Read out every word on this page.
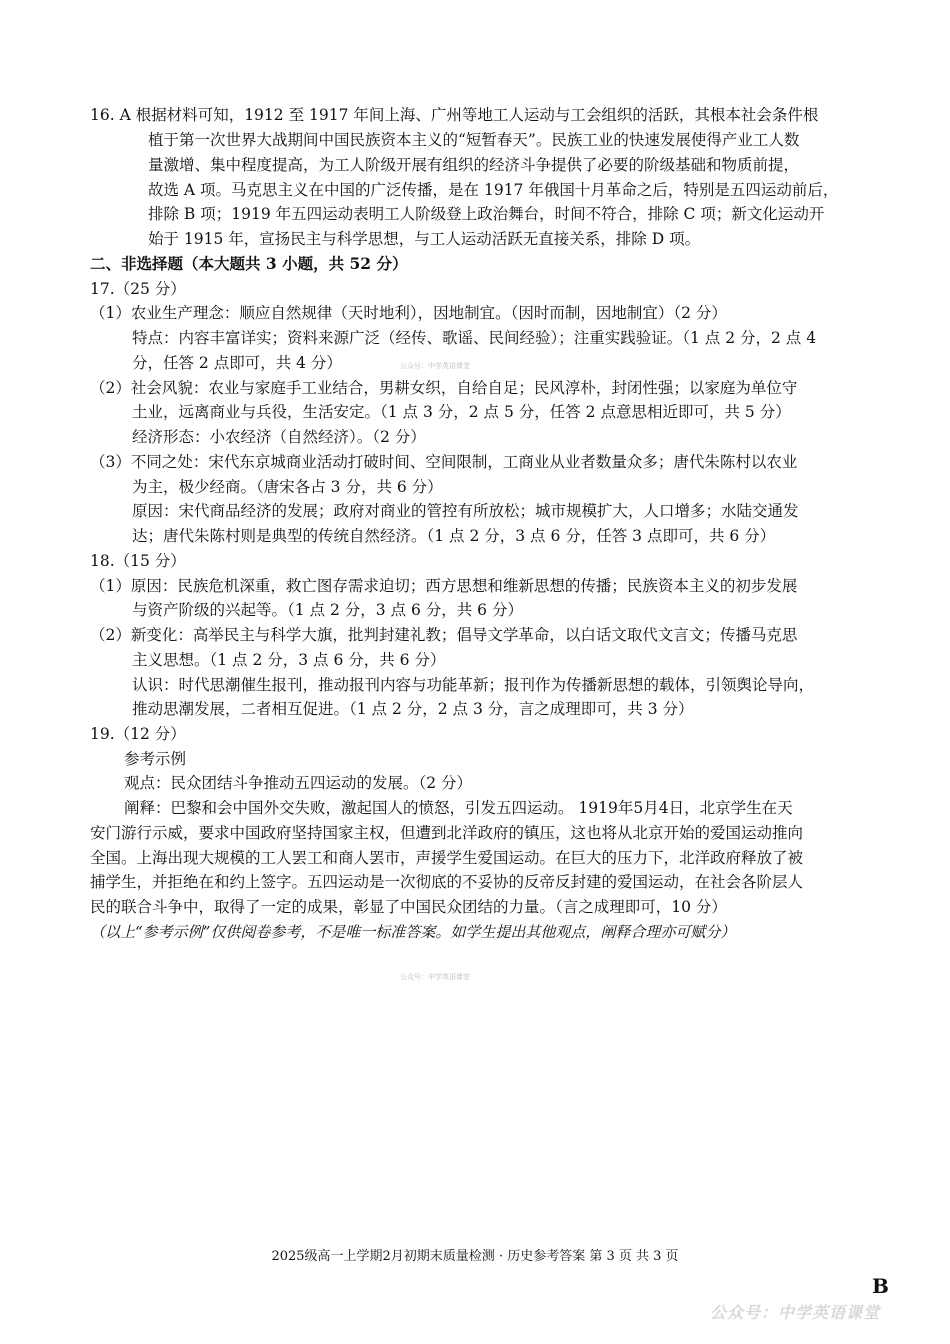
16. A 根据材料可知，1912 至 1917 年间上海、广州等地工人运动与工会组织的活跃，其根本社会条件根
植于第一次世界大战期间中国民族资本主义的“短暂春天”。民族工业的快速发展使得产业工人数
量激增、集中程度提高，为工人阶级开展有组织的经济斗争提供了必要的阶级基础和物质前提，
故选 A 项。马克思主义在中国的广泛传播，是在 1917 年俄国十月革命之后，特别是五四运动前后，
排除 B 项；1919 年五四运动表明工人阶级登上政治舞台，时间不符合，排除 C 项；新文化运动开
始于 1915 年，宣扬民主与科学思想，与工人运动活跃无直接关系，排除 D 项。
二、非选择题（本大题共 3 小题，共 52 分）
17.（25 分）
（1）农业生产理念：顺应自然规律（天时地利），因地制宜。（因时而制，因地制宜）（2 分）
特点：内容丰富详实；资料来源广泛（经传、歌谣、民间经验）；注重实践验证。（1 点 2 分，2 点 4
分，任答 2 点即可，共 4 分）	公众号：中学英语课堂
（2）社会风貌：农业与家庭手工业结合，男耕女织，自给自足；民风淳朴，封闭性强；以家庭为单位守
土业，远离商业与兵役，生活安定。（1 点 3 分，2 点 5 分，任答 2 点意思相近即可，共 5 分）
经济形态：小农经济（自然经济）。（2 分）
（3）不同之处：宋代东京城商业活动打破时间、空间限制，工商业从业者数量众多；唐代朱陈村以农业
为主，极少经商。（唐宋各占 3 分，共 6 分）
原因：宋代商品经济的发展；政府对商业的管控有所放松；城市规模扩大，人口增多；水陆交通发
达；唐代朱陈村则是典型的传统自然经济。（1 点 2 分，3 点 6 分，任答 3 点即可，共 6 分）
18.（15 分）
（1）原因：民族危机深重，救亡图存需求迫切；西方思想和维新思想的传播；民族资本主义的初步发展
与资产阶级的兴起等。（1 点 2 分，3 点 6 分，共 6 分）
（2）新变化：高举民主与科学大旗，批判封建礼教；倡导文学革命，以白话文取代文言文；传播马克思
主义思想。（1 点 2 分，3 点 6 分，共 6 分）
认识：时代思潮催生报刊，推动报刊内容与功能革新；报刊作为传播新思想的载体，引领舆论导向，
推动思潮发展，二者相互促进。（1 点 2 分，2 点 3 分，言之成理即可，共 3 分）
19.（12 分）
参考示例
观点：民众团结斗争推动五四运动的发展。（2 分）
阐释：巴黎和会中国外交失败，激起国人的愤怒，引发五四运动。 1919年5月4日，北京学生在天
安门游行示威，要求中国政府坚持国家主权，但遭到北洋政府的镇压，这也将从北京开始的爱国运动推向
全国。上海出现大规模的工人罢工和商人罢市，声援学生爱国运动。在巨大的压力下，北洋政府释放了被
捕学生，并拒绝在和约上签字。五四运动是一次彻底的不妥协的反帝反封建的爱国运动，在社会各阶层人
民的联合斗争中，取得了一定的成果，彰显了中国民众团结的力量。（言之成理即可，10 分）
（以上“参考示例”仅供阅卷参考，不是唯一标准答案。如学生提出其他观点，阐释合理亦可赋分）
公众号：中学英语课堂
2025级高一上学期2月初期末质量检测 · 历史参考答案 第 3 页 共 3 页
B
公众号：中学英语课堂
